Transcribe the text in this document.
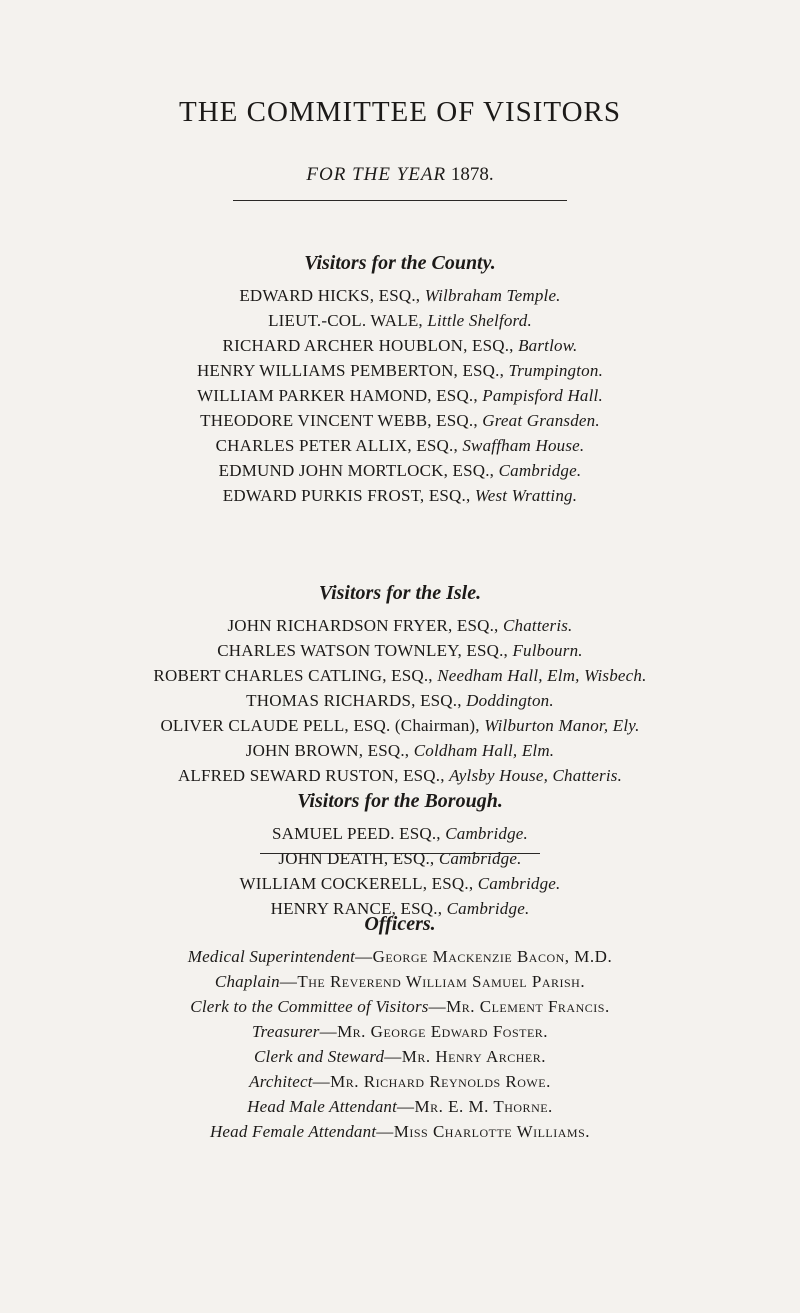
THE COMMITTEE OF VISITORS
FOR THE YEAR 1878.
Visitors for the County.
EDWARD HICKS, ESQ., Wilbraham Temple.
LIEUT.-COL. WALE, Little Shelford.
RICHARD ARCHER HOUBLON, ESQ., Bartlow.
HENRY WILLIAMS PEMBERTON, ESQ., Trumpington.
WILLIAM PARKER HAMOND, ESQ., Pampisford Hall.
THEODORE VINCENT WEBB, ESQ., Great Gransden.
CHARLES PETER ALLIX, ESQ., Swaffham House.
EDMUND JOHN MORTLOCK, ESQ., Cambridge.
EDWARD PURKIS FROST, ESQ., West Wratting.
Visitors for the Isle.
JOHN RICHARDSON FRYER, ESQ., Chatteris.
CHARLES WATSON TOWNLEY, ESQ., Fulbourn.
ROBERT CHARLES CATLING, ESQ., Needham Hall, Elm, Wisbech.
THOMAS RICHARDS, ESQ., Doddington.
OLIVER CLAUDE PELL, ESQ. (Chairman), Wilburton Manor, Ely.
JOHN BROWN, ESQ., Coldham Hall, Elm.
ALFRED SEWARD RUSTON, ESQ., Aylsby House, Chatteris.
Visitors for the Borough.
SAMUEL PEED. ESQ., Cambridge.
JOHN DEATH, ESQ., Cambridge.
WILLIAM COCKERELL, ESQ., Cambridge.
HENRY RANCE, ESQ., Cambridge.
Officers.
Medical Superintendent—George Mackenzie Bacon, M.D.
Chaplain—The Reverend William Samuel Parish.
Clerk to the Committee of Visitors—Mr. Clement Francis.
Treasurer—Mr. George Edward Foster.
Clerk and Steward—Mr. Henry Archer.
Architect—Mr. Richard Reynolds Rowe.
Head Male Attendant—Mr. E. M. Thorne.
Head Female Attendant—Miss Charlotte Williams.
